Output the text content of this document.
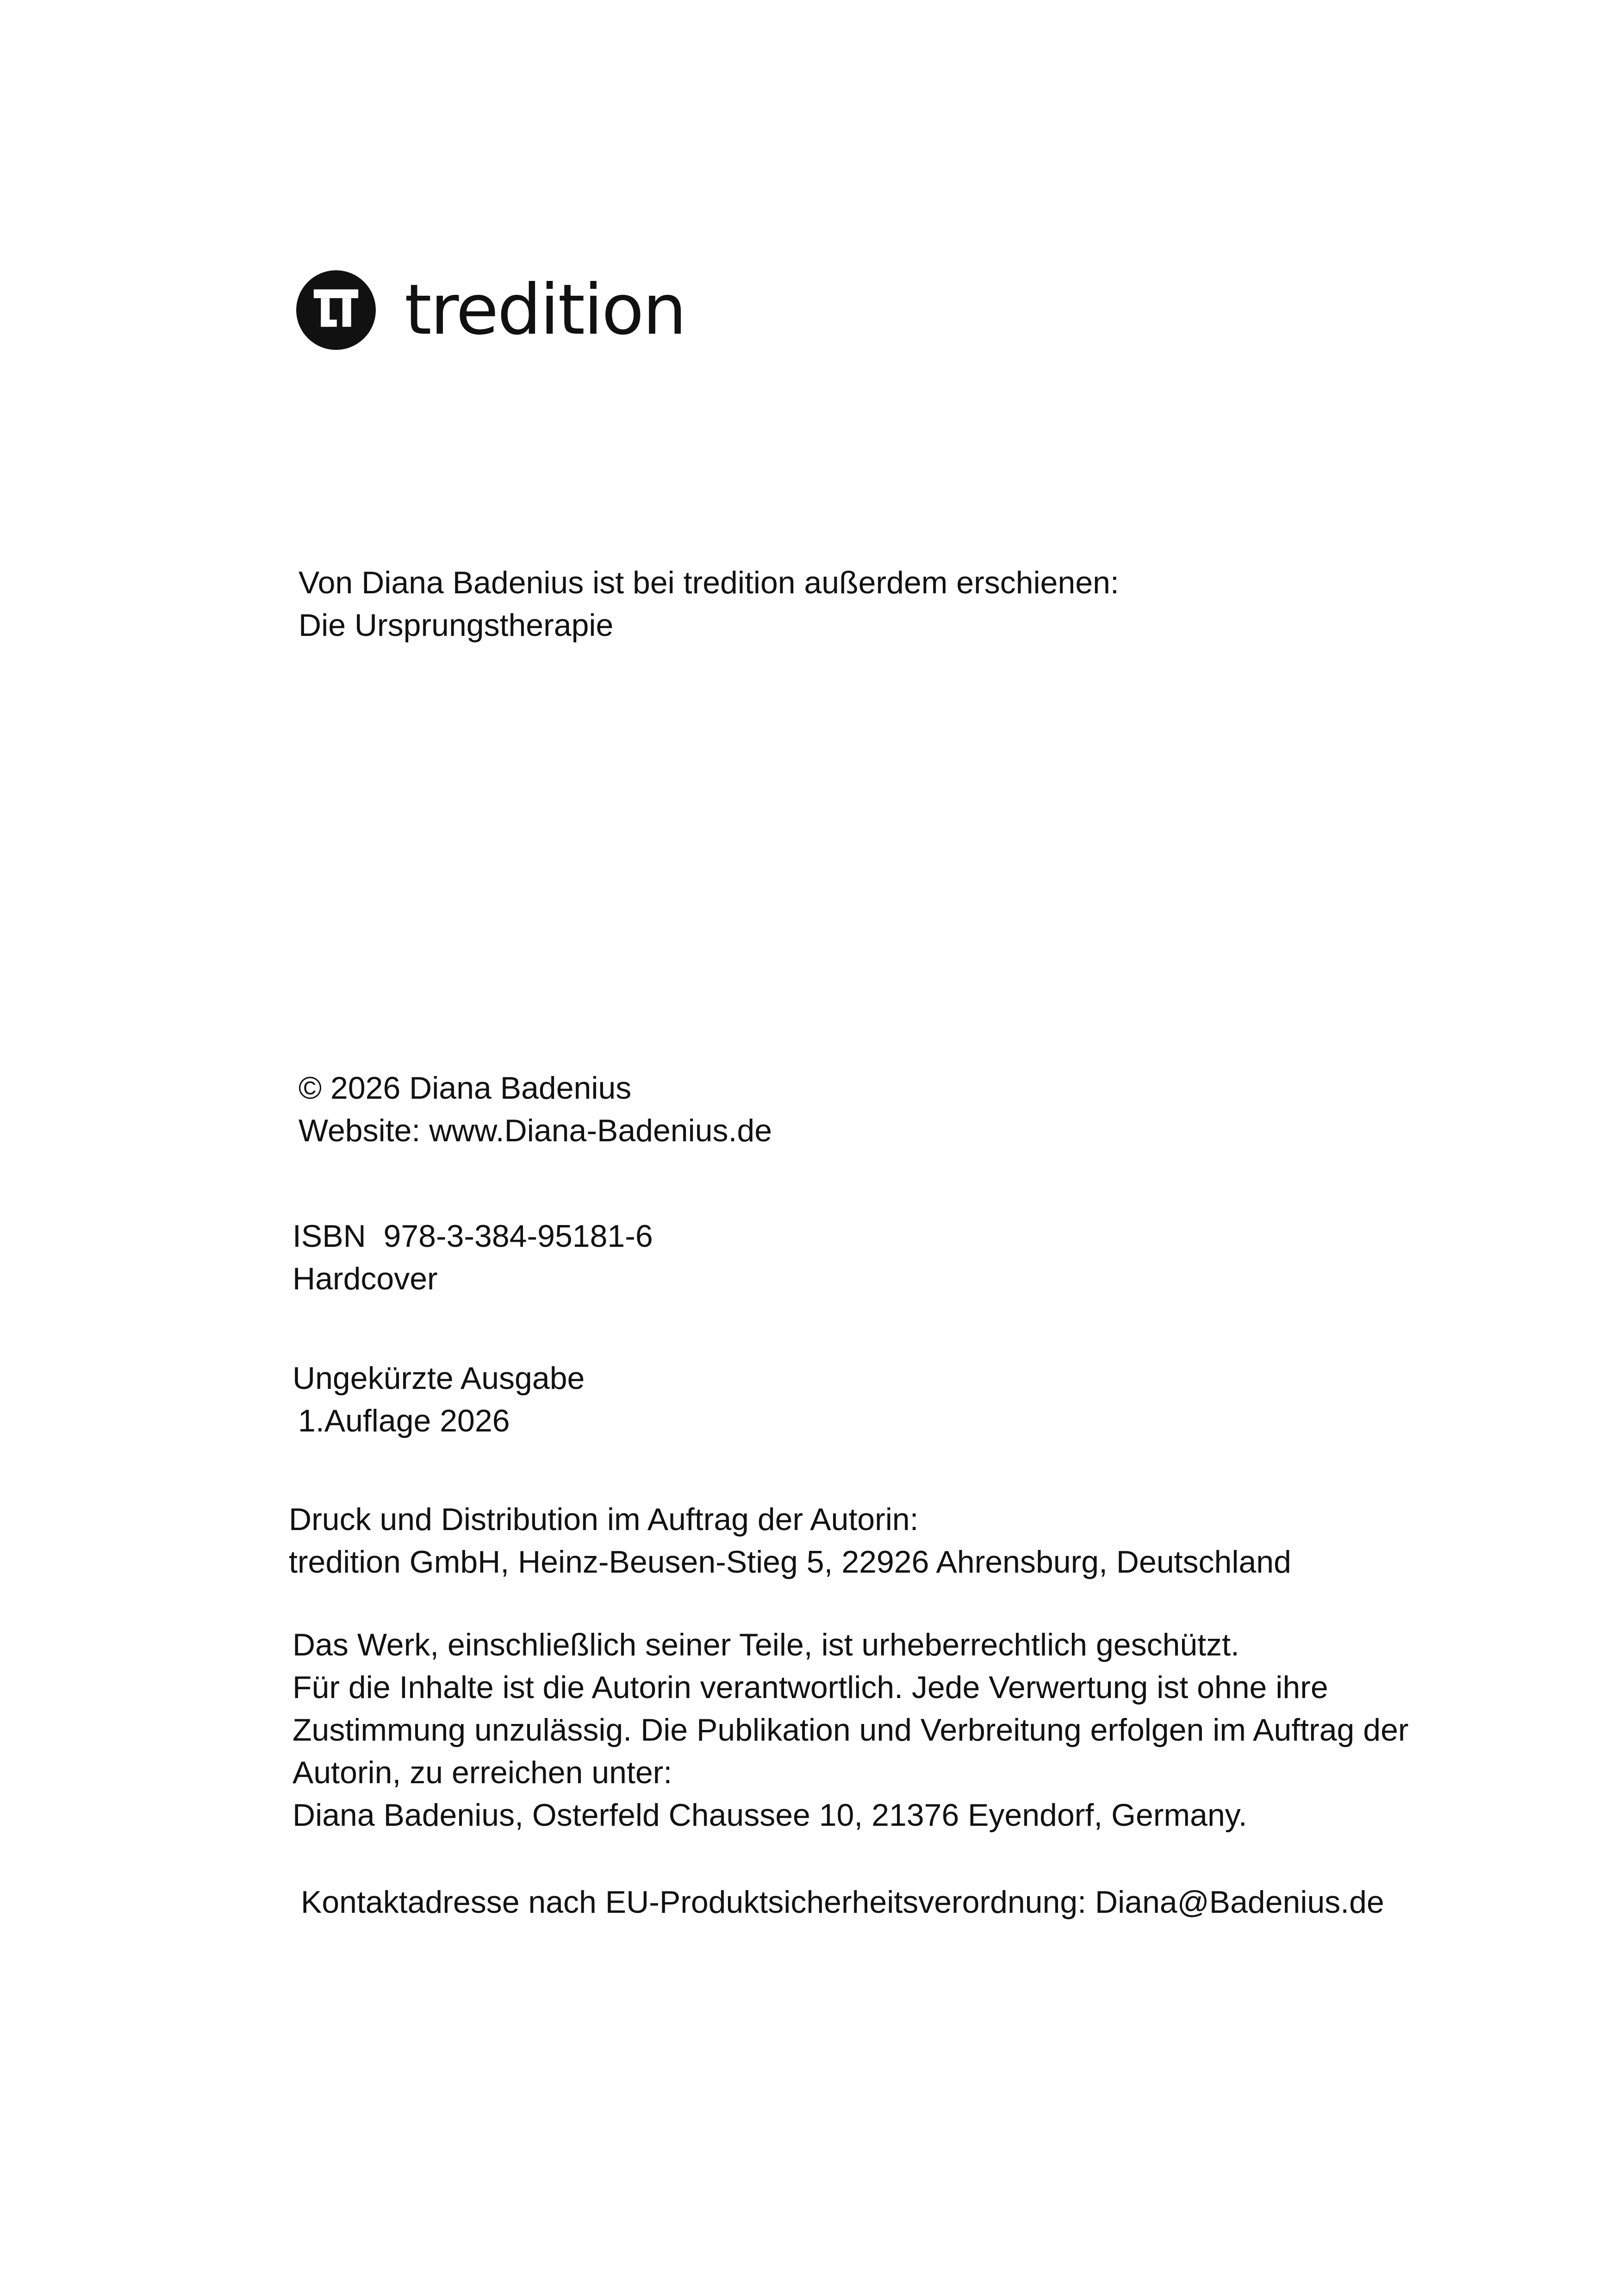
tredition
Von Diana Badenius ist bei tredition außerdem erschienen:
Die Ursprungstherapie
© 2026 Diana Badenius
Website: www.Diana-Badenius.de
ISBN  978-3-384-95181-6
Hardcover
Ungekürzte Ausgabe
1.Auflage 2026
Druck und Distribution im Auftrag der Autorin:
tredition GmbH, Heinz-Beusen-Stieg 5, 22926 Ahrensburg, Deutschland
Das Werk, einschließlich seiner Teile, ist urheberrechtlich geschützt.
Für die Inhalte ist die Autorin verantwortlich. Jede Verwertung ist ohne ihre
Zustimmung unzulässig. Die Publikation und Verbreitung erfolgen im Auftrag der
Autorin, zu erreichen unter:
Diana Badenius, Osterfeld Chaussee 10, 21376 Eyendorf, Germany.
Kontaktadresse nach EU-Produktsicherheitsverordnung: Diana@Badenius.de
